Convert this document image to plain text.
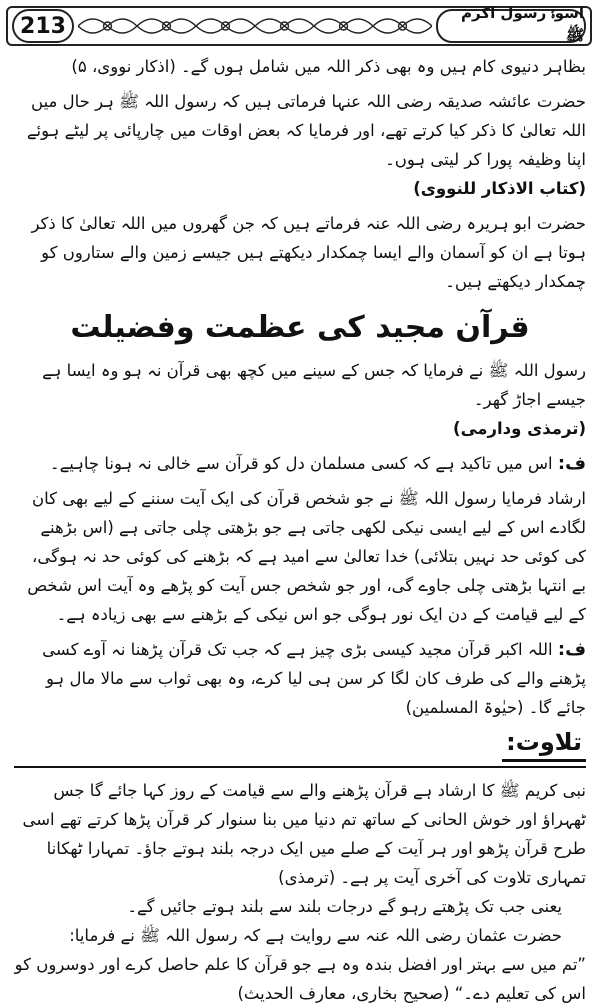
213
اسوۂ رسول اکرم ﷺ

بظاہر دنیوی کام ہیں وہ بھی ذکر اللہ میں شامل ہوں گے۔ (اذکار نووی، ۵)

حضرت عائشہ صدیقہ رضی اللہ عنہا فرماتی ہیں کہ رسول اللہ ﷺ ہر حال میں اللہ تعالیٰ کا ذکر کیا کرتے تھے، اور فرمایا کہ بعض اوقات میں چارپائی پر لیٹے ہوئے اپنا وظیفہ پورا کر لیتی ہوں۔

(کتاب الاذکار للنووی)

حضرت ابو ہریرہ رضی اللہ عنہ فرماتے ہیں کہ جن گھروں میں اللہ تعالیٰ کا ذکر ہوتا ہے ان کو آسمان والے ایسا چمکدار دیکھتے ہیں جیسے زمین والے ستاروں کو چمکدار دیکھتے ہیں۔

قرآن مجید کی عظمت وفضیلت

رسول اللہ ﷺ نے فرمایا کہ جس کے سینے میں کچھ بھی قرآن نہ ہو وہ ایسا ہے جیسے اجاڑ گھر۔

(ترمذی ودارمی)

ف: اس میں تاکید ہے کہ کسی مسلمان دل کو قرآن سے خالی نہ ہونا چاہیے۔

ارشاد فرمایا رسول اللہ ﷺ نے جو شخص قرآن کی ایک آیت سننے کے لیے بھی کان لگادے اس کے لیے ایسی نیکی لکھی جاتی ہے جو بڑھتی چلی جاتی ہے (اس بڑھنے کی کوئی حد نہیں بتلائی) خدا تعالیٰ سے امید ہے کہ بڑھنے کی کوئی حد نہ ہوگی، بے انتہا بڑھتی چلی جاوے گی، اور جو شخص جس آیت کو پڑھے وہ آیت اس شخص کے لیے قیامت کے دن ایک نور ہوگی جو اس نیکی کے بڑھنے سے بھی زیادہ ہے۔

ف: اللہ اکبر قرآن مجید کیسی بڑی چیز ہے کہ جب تک قرآن پڑھنا نہ آوے کسی پڑھنے والے کی طرف کان لگا کر سن ہی لیا کرے، وہ بھی ثواب سے مالا مال ہو جائے گا۔ (حیٰوۃ المسلمین)

تلاوت:

نبی کریم ﷺ کا ارشاد ہے قرآن پڑھنے والے سے قیامت کے روز کہا جائے گا جس ٹھہراؤ اور خوش الحانی کے ساتھ تم دنیا میں بنا سنوار کر قرآن پڑھا کرتے تھے اسی طرح قرآن پڑھو اور ہر آیت کے صلے میں ایک درجہ بلند ہوتے جاؤ۔ تمہارا ٹھکانا تمہاری تلاوت کی آخری آیت پر ہے۔ (ترمذی)

یعنی جب تک پڑھتے رہو گے درجات بلند سے بلند ہوتے جائیں گے۔

حضرت عثمان رضی اللہ عنہ سے روایت ہے کہ رسول اللہ ﷺ نے فرمایا:

”تم میں سے بہتر اور افضل بندہ وہ ہے جو قرآن کا علم حاصل کرے اور دوسروں کو اس کی تعلیم دے۔“ (صحیح بخاری، معارف الحدیث)
